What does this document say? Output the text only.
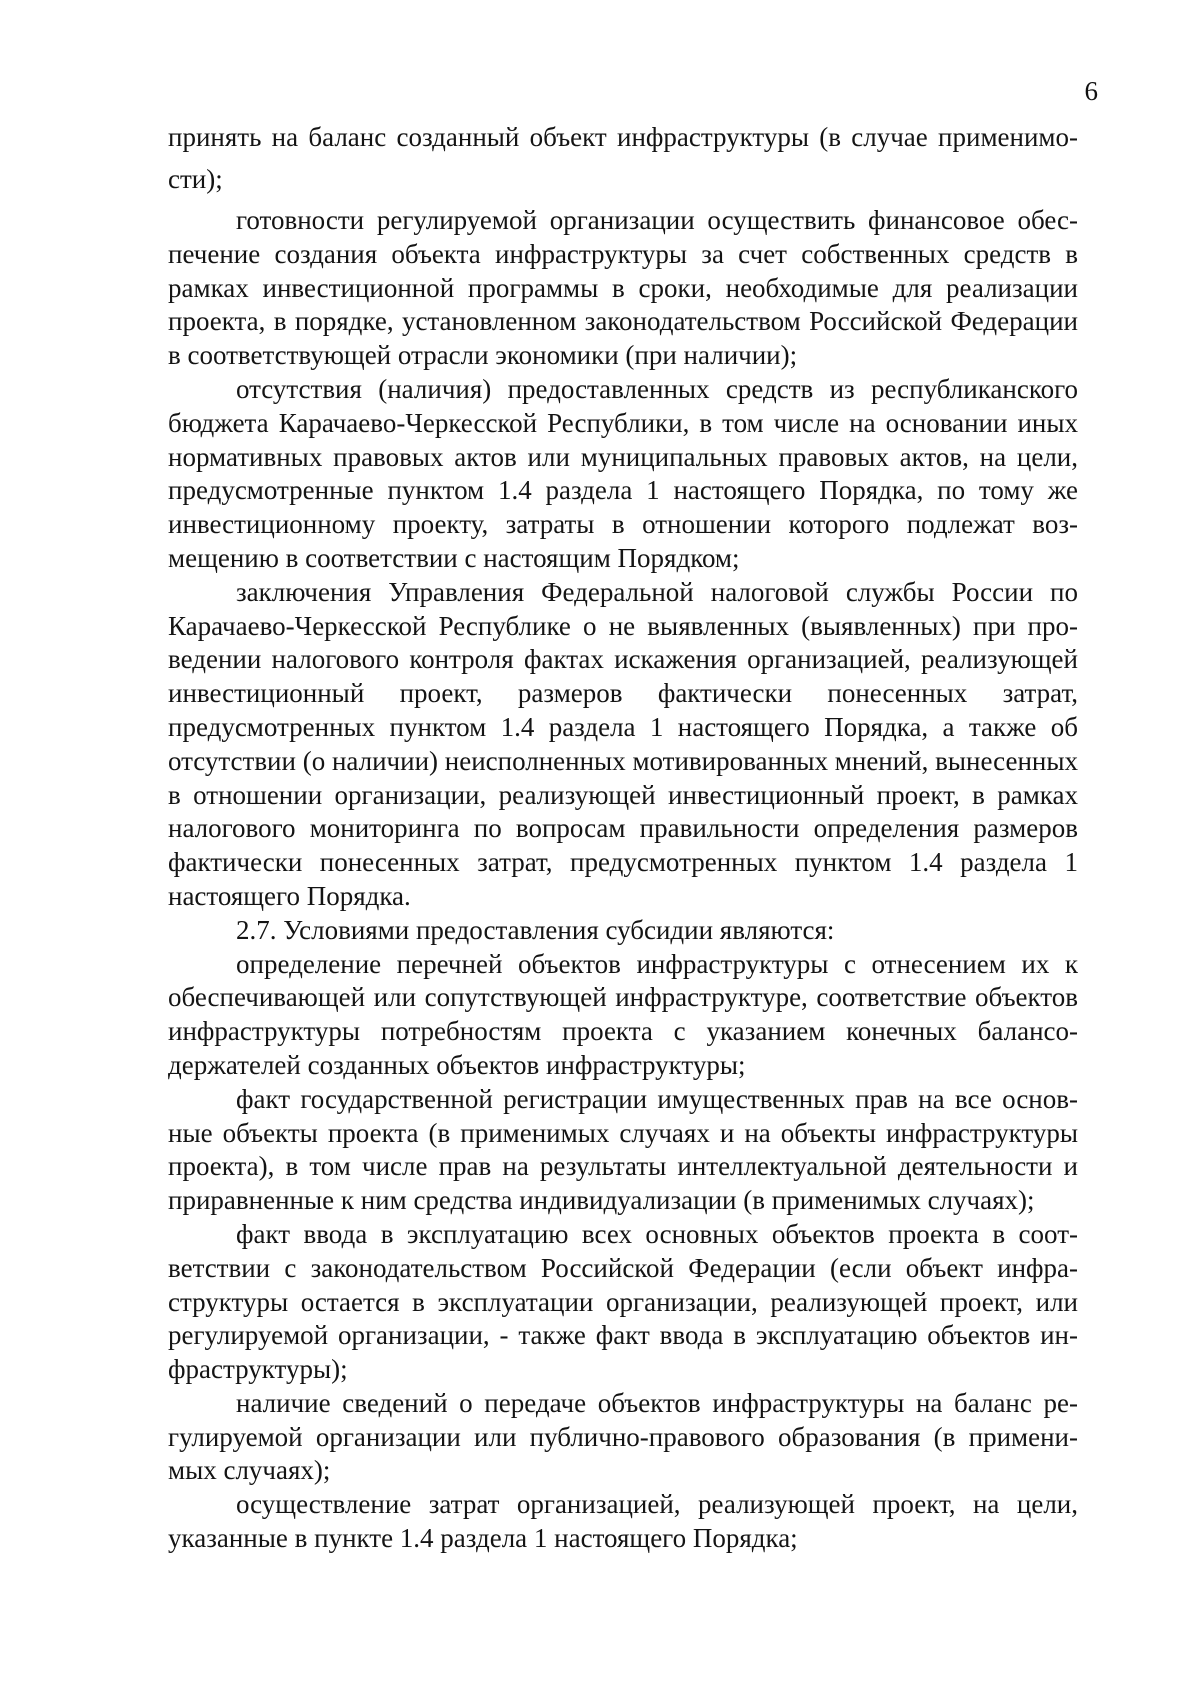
6

принять на баланс созданный объект инфраструктуры (в случае применимости);

готовности регулируемой организации осуществить финансовое обеспечение создания объекта инфраструктуры за счет собственных средств в рамках инвестиционной программы в сроки, необходимые для реализации проекта, в порядке, установленном законодательством Российской Федерации в соответствующей отрасли экономики (при наличии);

отсутствия (наличия) предоставленных средств из республиканского бюджета Карачаево-Черкесской Республики, в том числе на основании иных нормативных правовых актов или муниципальных правовых актов, на цели, предусмотренные пунктом 1.4 раздела 1 настоящего Порядка, по тому же инвестиционному проекту, затраты в отношении которого подлежат возмещению в соответствии с настоящим Порядком;

заключения Управления Федеральной налоговой службы России по Карачаево-Черкесской Республике о не выявленных (выявленных) при проведении налогового контроля фактах искажения организацией, реализующей инвестиционный проект, размеров фактически понесенных затрат, предусмотренных пунктом 1.4 раздела 1 настоящего Порядка, а также об отсутствии (о наличии) неисполненных мотивированных мнений, вынесенных в отношении организации, реализующей инвестиционный проект, в рамках налогового мониторинга по вопросам правильности определения размеров фактически понесенных затрат, предусмотренных пунктом 1.4 раздела 1 настоящего Порядка.

2.7. Условиями предоставления субсидии являются:

определение перечней объектов инфраструктуры с отнесением их к обеспечивающей или сопутствующей инфраструктуре, соответствие объектов инфраструктуры потребностям проекта с указанием конечных балансодержателей созданных объектов инфраструктуры;

факт государственной регистрации имущественных прав на все основные объекты проекта (в применимых случаях и на объекты инфраструктуры проекта), в том числе прав на результаты интеллектуальной деятельности и приравненные к ним средства индивидуализации (в применимых случаях);

факт ввода в эксплуатацию всех основных объектов проекта в соответствии с законодательством Российской Федерации (если объект инфраструктуры остается в эксплуатации организации, реализующей проект, или регулируемой организации, - также факт ввода в эксплуатацию объектов инфраструктуры);

наличие сведений о передаче объектов инфраструктуры на баланс регулируемой организации или публично-правового образования (в применимых случаях);

осуществление затрат организацией, реализующей проект, на цели, указанные в пункте 1.4 раздела 1 настоящего Порядка;
